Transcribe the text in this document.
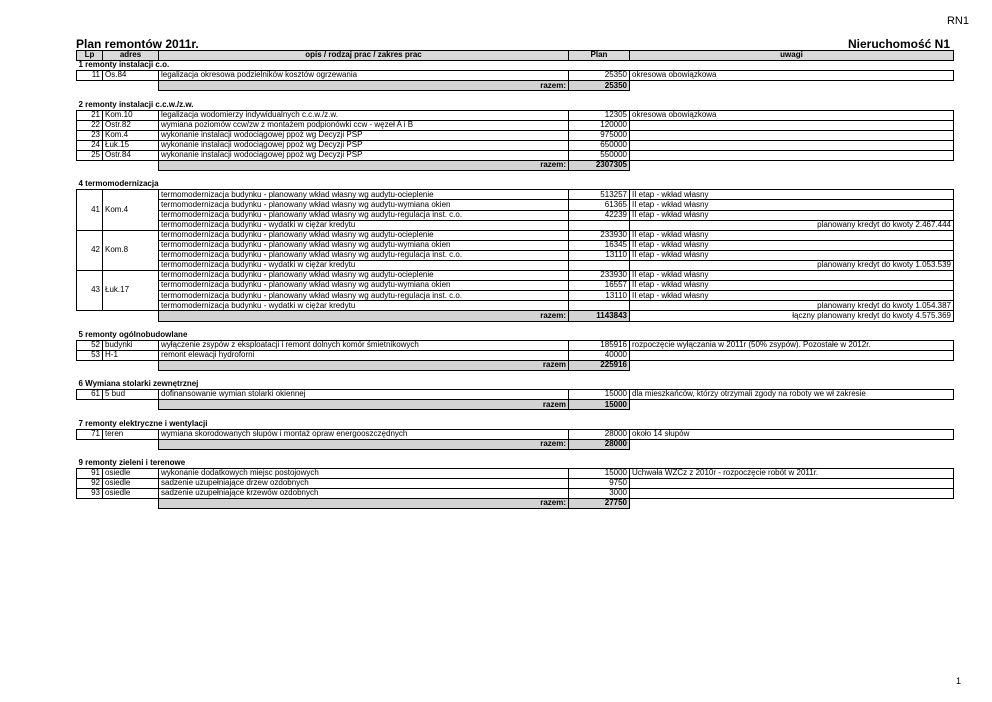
RN1
Plan remontów 2011r.	Nieruchomość N1
Lp	adres	opis / rodzaj prac / zakres prac	Plan	uwagi
1 remonty instalacji c.o.				
11	Os.84	legalizacja okresowa podzielników kosztów ogrzewania	25350	okresowa obowiązkowa
		razem:	25350	

2 remonty instalacji c.c.w./z.w.				
21	Kom.10	legalizacja wodomierzy indywidualnych c.c.w./z.w.	12305	okresowa obowiązkowa
22	Ostr.82	wymiana poziomów ccw/zw z montażem podpionówki ccw - węzeł A i B	120000	
23	Kom.4	wykonanie instalacji wodociągowej ppoż wg Decyzji PSP	975000	
24	Łuk.15	wykonanie instalacji wodociągowej ppoż wg Decyzji PSP	650000	
25	Ostr.84	wykonanie instalacji wodociągowej ppoż wg Decyzji PSP	550000	
		razem:	2307305	

4 termomodernizacja				
41	Kom.4	termomodernizacja budynku - planowany wkład własny wg audytu-ocieplenie	513257	II etap - wkład własny
		termomodernizacja budynku - planowany wkład własny wg audytu-wymiana okien	61365	II etap - wkład własny
		termomodernizacja budynku - planowany wkład własny wg audytu-regulacja inst. c.o.	42239	II etap - wkład własny
		termomodernizacja budynku - wydatki w ciężar kredytu		planowany kredyt do kwoty 2.467.444
42	Kom.8	termomodernizacja budynku - planowany wkład własny wg audytu-ocieplenie	233930	II etap - wkład własny
		termomodernizacja budynku - planowany wkład własny wg audytu-wymiana okien	16345	II etap - wkład własny
		termomodernizacja budynku - planowany wkład własny wg audytu-regulacja inst. c.o.	13110	II etap - wkład własny
		termomodernizacja budynku - wydatki w ciężar kredytu		planowany kredyt do kwoty 1.053.539
43	Łuk.17	termomodernizacja budynku - planowany wkład własny wg audytu-ocieplenie	233930	II etap - wkład własny
		termomodernizacja budynku - planowany wkład własny wg audytu-wymiana okien	16557	II etap - wkład własny
		termomodernizacja budynku - planowany wkład własny wg audytu-regulacja inst. c.o.	13110	II etap - wkład własny
		termomodernizacja budynku - wydatki w ciężar kredytu		planowany kredyt do kwoty 1.054.387
		razem:	1143843	łączny planowany kredyt do kwoty 4.575.369

5 remonty ogólnobudowlane				
52	budynki	wyłączenie zsypów z eksploatacji i remont dolnych komór śmietnikowych	185916	rozpoczęcie wyłączania w 2011r (50% zsypów). Pozostałe w 2012r.
53	H-1	remont elewacji hydroforni	40000	
		razem	225916	

6 Wymiana stolarki zewnętrznej				
61	5 bud	dofinansowanie wymian stolarki okiennej	15000	dla mieszkańców, którzy otrzymali zgody na roboty we wł zakresie
		razem	15000	

7 remonty elektryczne i wentylacji				
71	teren	wymiana skorodowanych słupów i montaż opraw energooszczędnych	28000	około 14 słupów
		razem:	28000	

9 remonty zieleni i terenowe				
91	osiedle	wykonanie dodatkowych miejsc postojowych	15000	Uchwała WZCz z 2010r - rozpoczęcie robót w 2011r.
92	osiedle	sadzenie uzupełniające drzew ozdobnych	9750	
93	osiedle	sadzenie uzupełniające krzewów ozdobnych	3000	
		razem:	27750	
1
